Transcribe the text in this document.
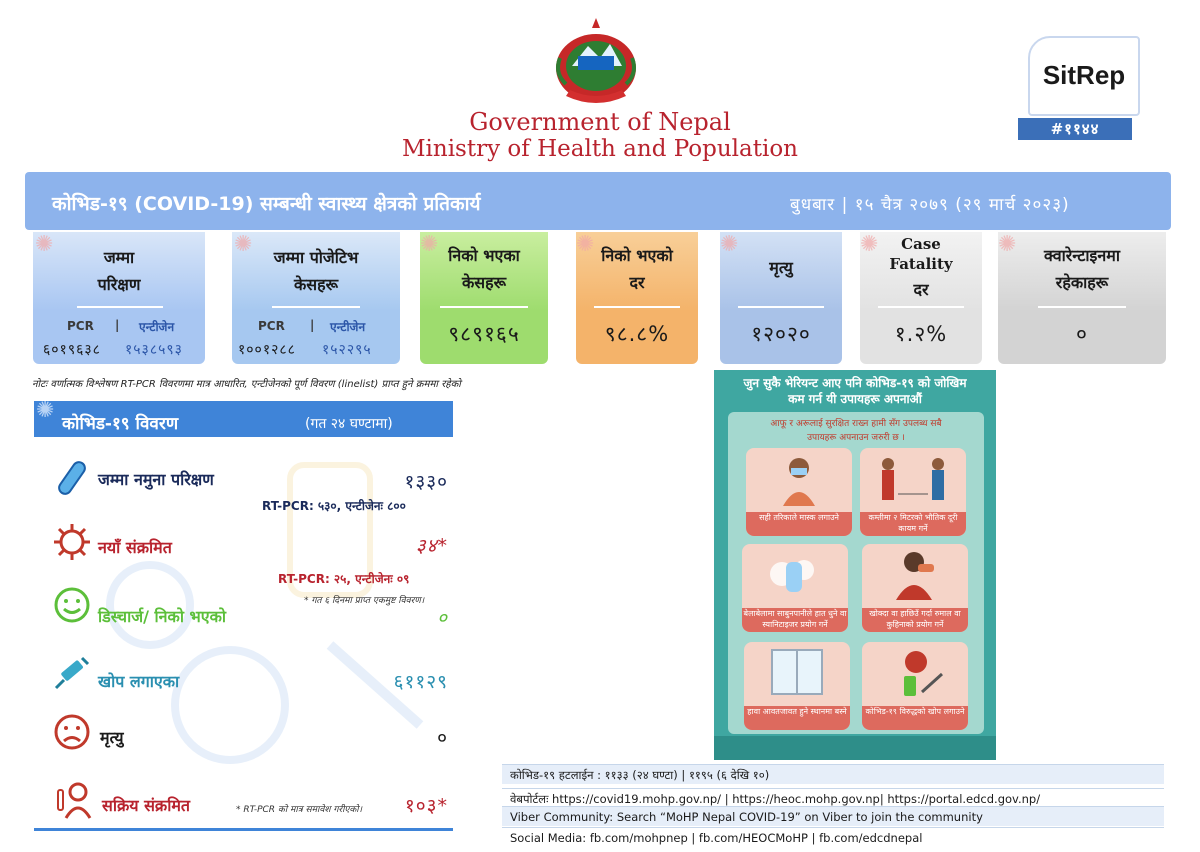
Government of Nepal
Ministry of Health and Population
SitRep
#११४४
कोभिड-१९ (COVID-19) सम्बन्धी स्वास्थ्य क्षेत्रको प्रतिकार्य	बुधबार | १५ चैत्र २०७९ (२९ मार्च २०२३)
✺
जम्मा
परिक्षण
PCR | एन्टीजेन
६०१९६३८ १५३८५९३
✺
जम्मा पोजेटिभ
केसहरू
PCR | एन्टीजेन
१००१२८८ १५२२९५
✺ निको भएका
केसहरू
९८९१६५
✺ निको भएको
दर
९८.८%
✺
मृत्यु
१२०२०
✺	Case
Fatality
दर
१.२%
✺	क्वारेन्टाइनमा
रहेकाहरू
०
नोटः वर्णात्मक विश्लेषण RT-PCR विवरणमा मात्र आधारित, एन्टीजेनको पूर्ण विवरण (linelist) प्राप्त हुने क्रममा रहेको
✺
कोभिड-१९ विवरण	(गत २४ घण्टामा)
जम्मा नमुना परिक्षण	१३३०
RT-PCR: ५३०, एन्टीजेनः ८००
नयाँ संक्रमित	३४*
RT-PCR: २५, एन्टीजेनः ०९
* गत ६ दिनमा प्राप्त एकमुष्ट विवरण।
डिस्चार्ज/ निको भएको	०
खोप लगाएका	६११२९
मृत्यु	०
सक्रिय संक्रमित	* RT-PCR को मात्र समावेश गरीएको।	१०३*
जुन सुकै भेरियन्ट आए पनि कोभिड-१९ को जोखिम
कम गर्न यी उपायहरू अपनाऔं
आफू र अरूलाई सुरक्षित राख्न हामी सँग उपलब्ध सबै
उपायहरू अपनाउन जरुरी छ ।
सही तरिकाले मास्क लगाउने	कम्तीमा २ मिटरको भौतिक दूरी कायम गर्ने
बेलाबेलामा साबुनपानीले हात धुने वा स्यानिटाइजर प्रयोग गर्ने
खोक्दा वा हाछिउँ गर्दा रुमाल वा कुहिनाको प्रयोग गर्ने
हावा आवतजावत हुने स्थानमा बस्ने	कोभिड-१९ विरुद्धको खोप लगाउने
कोभिड-१९ हटलाईन : ११३३ (२४ घण्टा) | ११९५ (६ देखि १०)
वेबपोर्टलः https://covid19.mohp.gov.np/ | https://heoc.mohp.gov.np| https://portal.edcd.gov.np/
Viber Community: Search “MoHP Nepal COVID-19” on Viber to join the community
Social Media: fb.com/mohpnep | fb.com/HEOCMoHP | fb.com/edcdnepal
